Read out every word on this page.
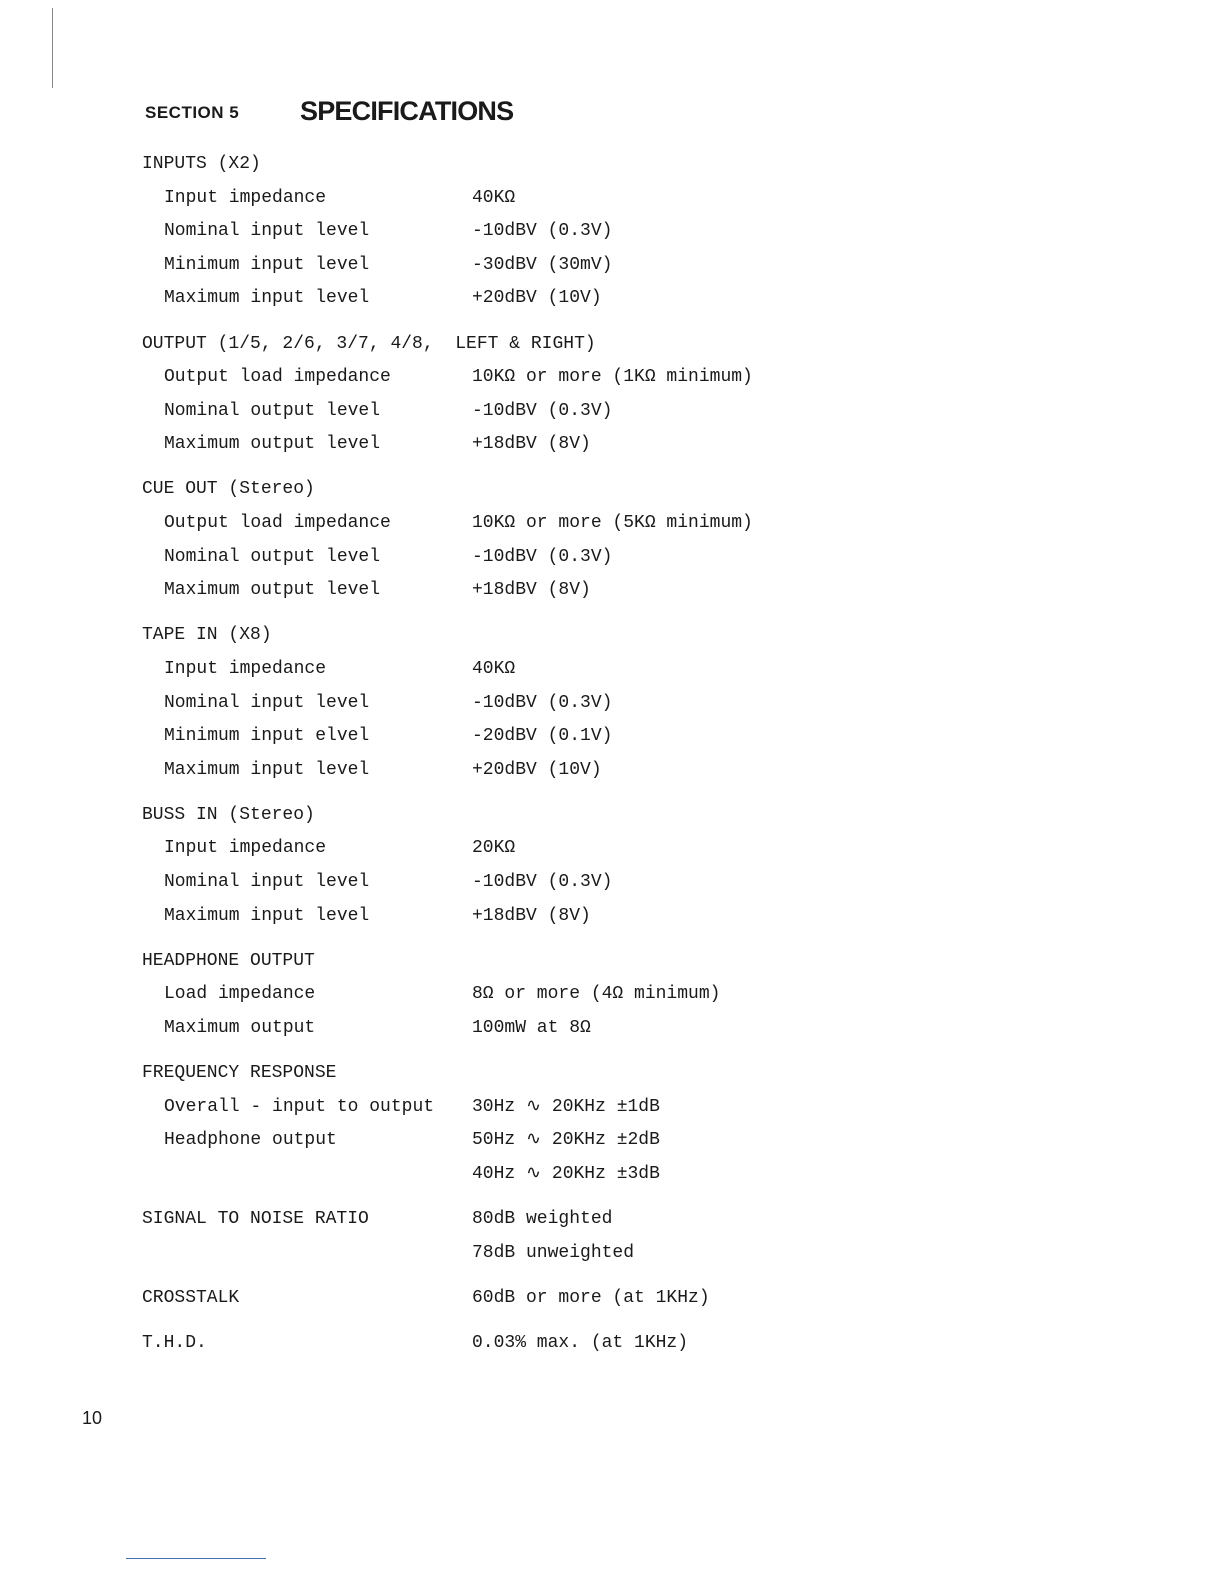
SECTION 5 SPECIFICATIONS
INPUTS (X2)
Input impedance	40KΩ
Nominal input level	-10dBV (0.3V)
Minimum input level	-30dBV (30mV)
Maximum input level	+20dBV (10V)
OUTPUT (1/5, 2/6, 3/7, 4/8,  LEFT & RIGHT)
Output load impedance	10KΩ or more (1KΩ minimum)
Nominal output level	-10dBV (0.3V)
Maximum output level	+18dBV (8V)
CUE OUT (Stereo)
Output load impedance	10KΩ or more (5KΩ minimum)
Nominal output level	-10dBV (0.3V)
Maximum output level	+18dBV (8V)
TAPE IN (X8)
Input impedance	40KΩ
Nominal input level	-10dBV (0.3V)
Minimum input elvel	-20dBV (0.1V)
Maximum input level	+20dBV (10V)
BUSS IN (Stereo)
Input impedance	20KΩ
Nominal input level	-10dBV (0.3V)
Maximum input level	+18dBV (8V)
HEADPHONE OUTPUT
Load impedance	8Ω or more (4Ω minimum)
Maximum output	100mW at 8Ω
FREQUENCY RESPONSE
Overall - input to output 30Hz ∿ 20KHz ±1dB
Headphone output	50Hz ∿ 20KHz ±2dB
40Hz ∿ 20KHz ±3dB
SIGNAL TO NOISE RATIO	80dB weighted
78dB unweighted
CROSSTALK	60dB or more (at 1KHz)
T.H.D.	0.03% max. (at 1KHz)
10
